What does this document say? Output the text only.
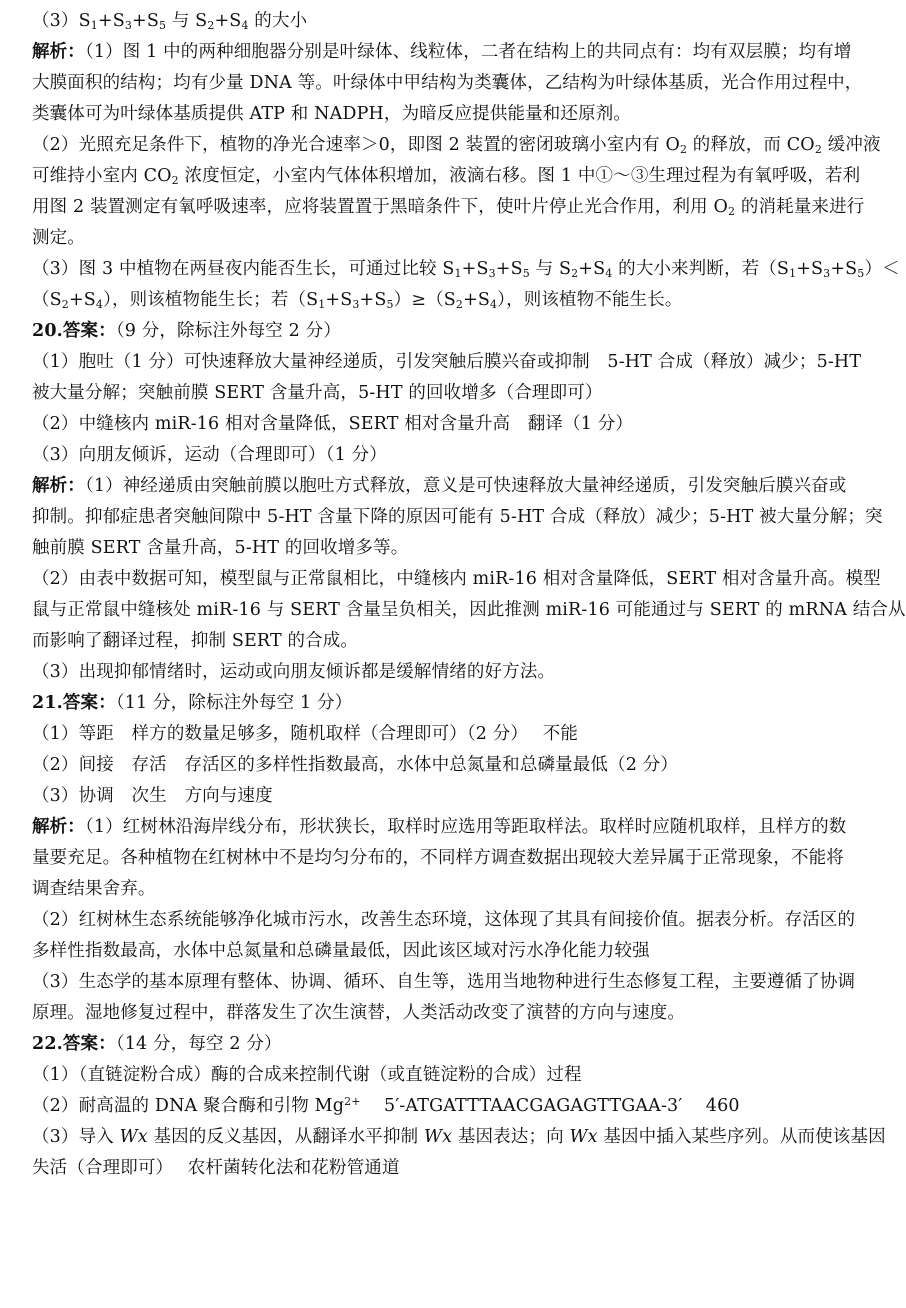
$(3)S_1+S_3+S_5$ 与 $S_2+S_4$ 的大小
解析：（1）图 1 中的两种细胞器分别是叶绿体、线粒体，二者在结构上的共同点有：均有双层膜；均有增
大膜面积的结构；均有少量 DNA 等。叶绿体中甲结构为类囊体，乙结构为叶绿体基质，光合作用过程中，
类囊体可为叶绿体基质提供 ATP 和 NADPH，为暗反应提供能量和还原剂。
（2）光照充足条件下，植物的净光合速率＞0，即图 2 装置的密闭玻璃小室内有 $O_2$ 的释放，而 $CO_2$ 缓冲液
可维持小室内 $CO_2$ 浓度恒定，小室内气体体积增加，液滴右移。图 1 中①～③生理过程为有氧呼吸，若利
用图 2 装置测定有氧呼吸速率，应将装置置于黑暗条件下，使叶片停止光合作用，利用 $O_2$ 的消耗量来进行
测定。
（3）图 3 中植物在两昼夜内能否生长，可通过比较 $S_1+S_3+S_5$ 与 $S_2+S_4$ 的大小来判断，若$(S_1+S_3+S_5)<$
$(S_2+S_4)$，则该植物能生长；若$(S_1+S_3+S_5)\ge(S_2+S_4)$，则该植物不能生长。
20.答案：（9 分，除标注外每空 2 分）
（1）胞吐（1 分）可快速释放大量神经递质，引发突触后膜兴奋或抑制　5-HT 合成（释放）减少；5-HT
被大量分解；突触前膜 SERT 含量升高，5-HT 的回收增多（合理即可）
（2）中缝核内 miR-16 相对含量降低，SERT 相对含量升高　翻译（1 分）
（3）向朋友倾诉，运动（合理即可）（1 分）
解析：（1）神经递质由突触前膜以胞吐方式释放，意义是可快速释放大量神经递质，引发突触后膜兴奋或
抑制。抑郁症患者突触间隙中 5-HT 含量下降的原因可能有 5-HT 合成（释放）减少；5-HT 被大量分解；突
触前膜 SERT 含量升高，5-HT 的回收增多等。
（2）由表中数据可知，模型鼠与正常鼠相比，中缝核内 miR-16 相对含量降低，SERT 相对含量升高。模型
鼠与正常鼠中缝核处 miR-16 与 SERT 含量呈负相关，因此推测 miR-16 可能通过与 SERT 的 mRNA 结合从
而影响了翻译过程，抑制 SERT 的合成。
（3）出现抑郁情绪时，运动或向朋友倾诉都是缓解情绪的好方法。
21.答案：（11 分，除标注外每空 1 分）
（1）等距　样方的数量足够多，随机取样（合理即可）（2 分）　 不能
（2）间接　存活　存活区的多样性指数最高，水体中总氮量和总磷量最低（2 分）
（3）协调　次生　方向与速度
解析：（1）红树林沿海岸线分布，形状狭长，取样时应选用等距取样法。取样时应随机取样，且样方的数
量要充足。各种植物在红树林中不是均匀分布的，不同样方调查数据出现较大差异属于正常现象，不能将
调查结果舍弃。
（2）红树林生态系统能够净化城市污水，改善生态环境，这体现了其具有间接价值。据表分析。存活区的
多样性指数最高，水体中总氮量和总磷量最低，因此该区域对污水净化能力较强
（3）生态学的基本原理有整体、协调、循环、自生等，选用当地物种进行生态修复工程，主要遵循了协调
原理。湿地修复过程中，群落发生了次生演替，人类活动改变了演替的方向与速度。
22.答案：（14 分，每空 2 分）
（1）（直链淀粉合成）酶的合成来控制代谢（或直链淀粉的合成）过程
（2）耐高温的 DNA 聚合酶和引物 $Mg^{2+}$　 5′-ATGATTTAACGAGAGTTGAA-3′　 460
（3）导入 Wx 基因的反义基因，从翻译水平抑制 Wx 基因表达；向 Wx 基因中插入某些序列。从而使该基因
失活（合理即可）　 农杆菌转化法和花粉管通道
